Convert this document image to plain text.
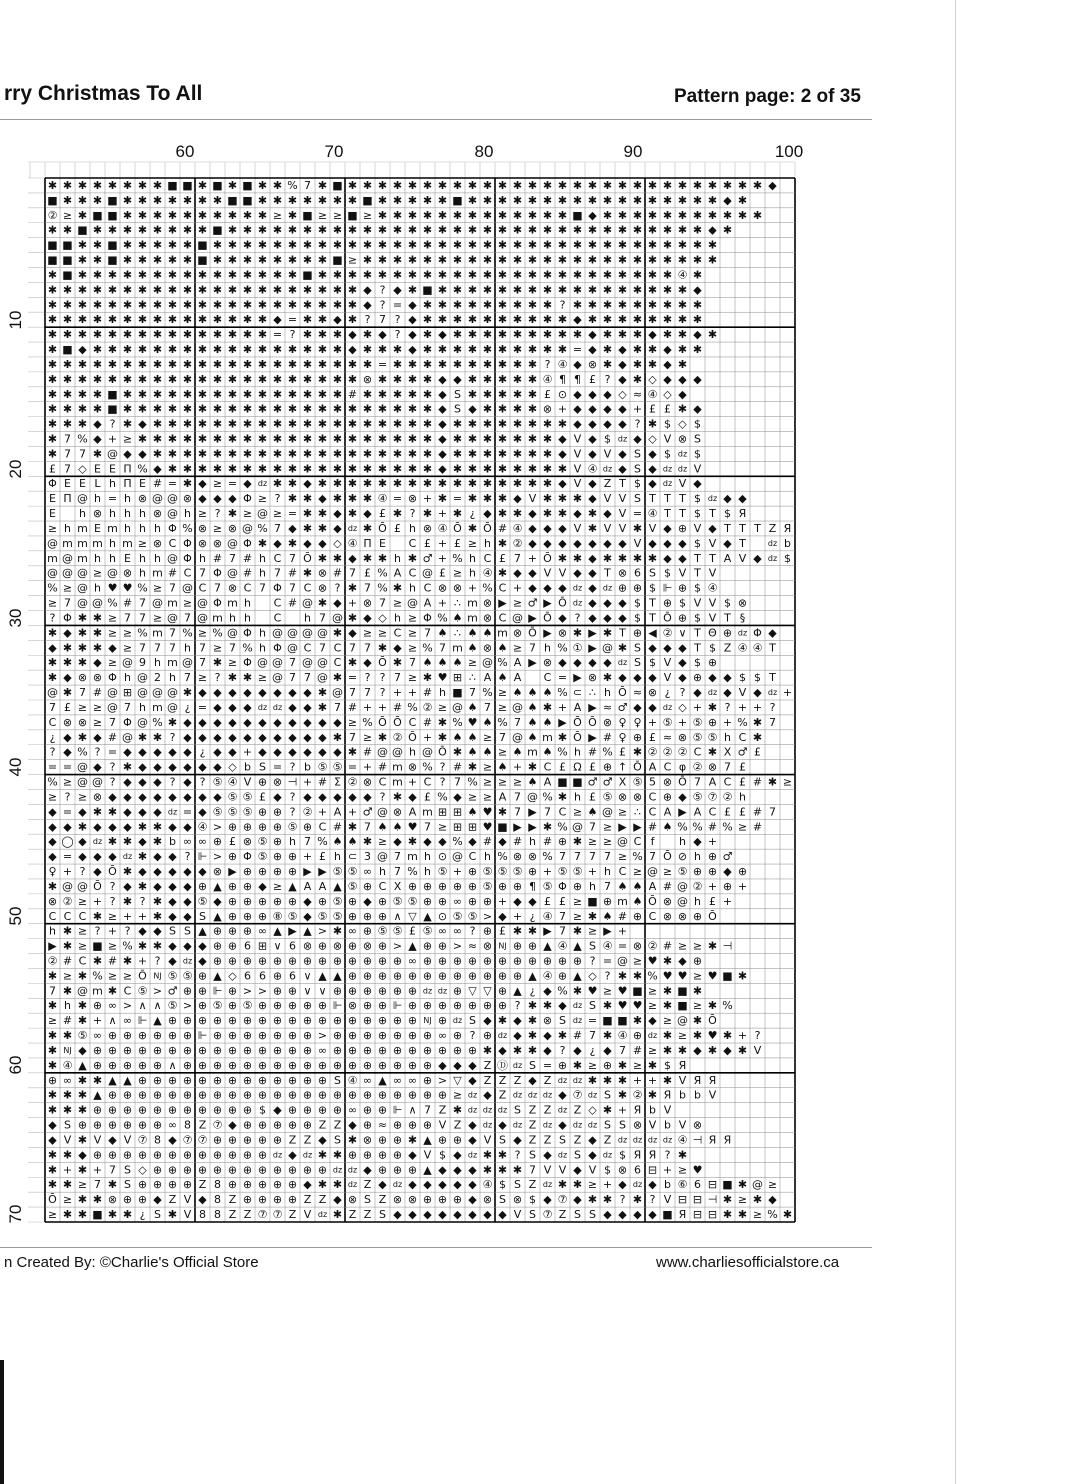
rry Christmas To All	Pattern page: 2 of 35
60	70	80	90	100
10
20
30
40
50
60
70
✱ ✱ ✱ ✱ ✱ ✱ ✱ ✱ ■ ■ ✱ ■ ✱ ■ ✱ ✱ % 7 ✱ ■ ✱ ✱ ✱ ✱ ✱ ✱ ✱ ✱ ✱ ✱ ✱ ✱ ✱ ✱ ✱ ✱ ✱ ✱ ✱ ✱ ✱ ✱ ✱ ✱ ✱ ✱ ✱ ✱ ◆
■ ✱ ✱ ✱ ■ ✱ ✱ ✱ ✱ ✱ ✱ ✱ ■ ■ ✱ ✱ ✱ ✱ ✱ ✱ ✱ ■ ✱ ✱ ✱ ✱ ✱ ■ ✱ ✱ ✱ ✱ ✱ ✱ ✱ ✱ ✱ ✱ ✱ ✱ ✱ ✱ ✱ ✱ ✱ ◆ ✱
② ≥ ✱ ■ ■ ✱ ✱ ✱ ✱ ✱ ✱ ✱ ✱ ✱ ✱ ≥ ✱ ■ ≥ ≥ ■ ≥ ✱ ✱ ✱ ✱ ✱ ✱ ✱ ✱ ✱ ✱ ✱ ✱ ✱ ■ ◆ ✱ ✱ ✱ ✱ ✱ ✱ ✱ ✱ ✱ ✱ ✱
✱ ✱ ■ ✱ ✱ ✱ ✱ ✱ ✱ ✱ ✱ ■ ✱ ✱ ✱ ✱ ✱ ✱ ✱ ✱ ✱ ✱ ✱ ✱ ✱ ✱ ✱ ✱ ✱ ✱ ✱ ✱ ✱ ✱ ✱ ✱ ✱ ✱ ✱ ✱ ✱ ✱ ✱ ✱ ◆ ✱
■ ■ ✱ ✱ ■ ✱ ✱ ✱ ✱ ✱ ■ ✱ ✱ ✱ ✱ ✱ ✱ ✱ ✱ ✱ ✱ ✱ ✱ ✱ ✱ ✱ ✱ ✱ ✱ ✱ ✱ ✱ ✱ ✱ ✱ ✱ ✱ ✱ ✱ ✱ ✱ ✱ ✱ ✱ ✱
■ ■ ✱ ✱ ■ ✱ ✱ ✱ ✱ ✱ ■ ✱ ✱ ✱ ✱ ✱ ✱ ✱ ✱ ■ ≥ ✱ ✱ ✱ ✱ ✱ ✱ ✱ ✱ ✱ ✱ ✱ ✱ ✱ ✱ ✱ ✱ ✱ ✱ ✱ ✱ ✱ ✱ ✱ ✱
✱ ■ ✱ ✱ ✱ ✱ ✱ ✱ ✱ ✱ ✱ ✱ ✱ ✱ ✱ ✱ ✱ ■ ✱ ✱ ✱ ✱ ✱ ✱ ✱ ✱ ✱ ✱ ✱ ✱ ✱ ✱ ✱ ✱ ✱ ✱ ✱ ✱ ✱ ✱ ✱ ✱ ④ ✱
✱ ✱ ✱ ✱ ✱ ✱ ✱ ✱ ✱ ✱ ✱ ✱ ✱ ✱ ✱ ✱ ✱ ✱ ✱ ✱ ✱ ◆ ? ◆ ✱ ■ ✱ ✱ ✱ ✱ ✱ ✱ ✱ ✱ ✱ ✱ ✱ ✱ ✱ ✱ ✱ ✱ ✱ ◆
✱ ✱ ✱ ✱ ✱ ✱ ✱ ✱ ✱ ✱ ✱ ✱ ✱ ✱ ✱ ✱ ✱ ✱ ✱ ✱ ✱ ◆ ? = ◆ ✱ ✱ ✱ ✱ ✱ ✱ ✱ ✱ ✱ ? ✱ ✱ ✱ ✱ ✱ ✱ ✱ ✱ ✱
✱ ✱ ✱ ✱ ✱ ✱ ✱ ✱ ✱ ✱ ✱ ✱ ✱ ✱ ✱ ◆ = ✱ ✱ ◆ ✱ ? 7 ? ◆ ✱ ✱ ✱ ✱ ✱ ✱ ✱ ✱ ✱ ✱ ◆ ✱ ✱ ✱ ✱ ✱ ✱ ✱ ✱
✱ ✱ ✱ ✱ ✱ ✱ ✱ ✱ ✱ ✱ ✱ ✱ ✱ ✱ ✱ = ? ✱ ✱ ✱ ◆ ✱ ◆ ? ◆ ✱ ◆ ✱ ✱ ✱ ✱ ✱ ✱ ✱ ✱ ✱ ◆ ✱ ✱ ✱ ◆ ✱ ✱ ◆ ✱
✱ ■ ◆ ✱ ✱ ✱ ✱ ✱ ✱ ✱ ✱ ✱ ✱ ✱ ✱ ✱ ✱ ✱ ✱ ✱ ◆ ✱ ✱ ✱ ◆ ✱ ✱ ✱ ✱ ✱ ✱ ✱ ✱ ✱ ✱ = ◆ ✱ ◆ ✱ ✱ ◆ ✱ ✱
✱ ✱ ✱ ✱ ✱ ✱ ✱ ✱ ✱ ✱ ✱ ✱ ✱ ✱ ✱ ✱ ✱ ✱ ✱ ✱ ✱ ✱ = ✱ ✱ ✱ ✱ ✱ ✱ ✱ ✱ ✱ ✱ ? ④ ◆ ⊗ ✱ ◆ ✱ ✱ ◆ ✱
✱ ✱ ✱ ✱ ✱ ✱ ✱ ✱ ✱ ✱ ✱ ✱ ✱ ✱ ✱ ✱ ✱ ✱ ✱ ✱ ✱ ⊗ ✱ ✱ ✱ ✱ ◆ ◆ ✱ ✱ ✱ ✱ ✱ ④ ¶ ¶ £ ? ◆ ✱ ◇ ◆ ◆ ◆
✱ ✱ ✱ ✱ ■ ✱ ✱ ✱ ✱ ✱ ✱ ✱ ✱ ✱ ✱ ✱ ✱ ✱ ✱ ✱ # ✱ ✱ ✱ ✱ ✱ ◆ S ✱ ✱ ✱ ✱ ✱ £ ⊙ ◆ ◆ ◆ ◇ ≈ ④ ◇ ◆
✱ ✱ ✱ ✱ ■ ✱ ✱ ✱ ✱ ✱ ✱ ✱ ✱ ✱ ✱ ✱ ✱ ✱ ✱ ✱ ✱ ✱ ✱ ✱ ✱ ✱ ◆ S ◆ ✱ ✱ ✱ ✱ ⊗ + ◆ ◆ ◆ ◆ + £ £ ✱ ◆
✱ ✱ ✱ ◆ ? ✱ ◆ ✱ ✱ ✱ ✱ ✱ ✱ ✱ ✱ ✱ ✱ ✱ ✱ ✱ ✱ ✱ ✱ ✱ ✱ ✱ ◆ ✱ ✱ ✱ ✱ ✱ ✱ ✱ ✱ ◆ ◆ ◆ ◆ ? ✱ $ ◇ $
✱ 7 % ◆ + ≥ ✱ ✱ ✱ ✱ ✱ ✱ ✱ ✱ ✱ ✱ ✱ ✱ ✱ ✱ ✱ ✱ ✱ ✱ ✱ ✱ ◆ ✱ ✱ ✱ ✱ ✱ ✱ ✱ ◆ V ◆ $ dz ◆ ◇ V ⊗ S
✱ 7 7 ✱ @ ◆ ◆ ✱ ✱ ✱ ✱ ✱ ✱ ✱ ✱ ✱ ✱ ✱ ✱ ✱ ✱ ✱ ✱ ✱ ✱ ✱ ◆ ✱ ✱ ✱ ✱ ✱ ✱ ✱ ◆ V ◆ V ◆ S ◆ $ dz $
£ 7 ◇ E E Π % ◆ ✱ ✱ ✱ ✱ ✱ ✱ ✱ ✱ ✱ ✱ ✱ ✱ ✱ ✱ ✱ ✱ ✱ ✱ ◆ ✱ ✱ ✱ ✱ ✱ ✱ ✱ ✱ V ④ dz ◆ S ◆ dz dz V
Φ E E L h Π E # = ✱ ◆ ≥ = ◆ dz ✱ ✱ ◆ ✱ ✱ ✱ ✱ ✱ ✱ ✱ ✱ ✱ ✱ ✱ ✱ ✱ ✱ ✱ ✱ ◆ V ◆ Z T $ ◆ dz V ◆
E Π @ h = h ⊗ @ @ ⊗ ◆ ◆ ◆ Φ ≥ ? ✱ ✱ ◆ ✱ ✱ ✱ ④ = ⊗ + ✱ = ✱ ✱ ✱ ◆ V ✱ ✱ ✱ ◆ V V S T T T $ dz ◆ ◆
E h ⊗ h h h ⊗ @ h ≥ ? ✱ ≥ @ ≥ = ✱ ✱ ◆ ✱ ◆ £ ✱ ? ✱ + ✱ ¿ ◆ ✱ ✱ ◆ ✱ ✱ ◆ ✱ ◆ V = ④ T T $ T $ Я
≥ h m E m h h h Φ % ⊗ ≥ ⊗ @ % 7 ◆ ✱ ✱ ◆ dz ✱ Ō £ h ⊗ ④ Ō ✱ Ō # ④ ◆ ◆ ◆ V ✱ V V ✱ V ◆ ⊕ V ◆ T T T Z Я
@ m m m h m ≥ ⊗ C Φ ⊗ ⊗ @ Φ ✱ ◆ ✱ ◆ ◆ ◇ ④ Π E C £ + £ ≥ h ✱ ② ◆ ◆ ◆ ◆ ◆ ◆ ◆ V ◆ ◆ ◆ $ V ◆ T	dz b
m @ m h h E h h @ Φ h # 7 # h C 7 Ō ✱ ✱ ◆ ✱ ✱ h ✱ ♂ + % h C £ 7 + Ō ✱ ✱ ◆ ✱ ✱ ✱ ✱ ◆ ◆ T T A V ◆ dz $
@ @ @ ≥ @ ⊗ h m # C 7 Φ @ # h 7 # ✱ ⊗ # 7 £ % A C @ £ ≥ h ④ ✱ ◆ ◆ V V ◆ ◆ T ⊗ 6 S $ V T V
% ≥ @ h ♥ ♥ % ≥ 7 @ C 7 ⊗ C 7 Φ 7 C ⊗ ? ✱ 7 % ✱ h C ⊗ ⊗ + % C + ◆ ◆ ◆ dz ◆ dz ⊕ ⊕ $ ⊩ ⊕ $ ④
≥ 7 @ @ % # 7 @ m ≥ @ Φ m h C # @ ✱ ◆ + ⊗ 7 ≥ @ A + ∴ m ⊗ ▶ ≥ ♂ ▶ Ō dz ◆ ◆ ◆ $ T ⊕ $ V V $ ⊗
? Φ ✱ ✱ ≥ 7 7 ≥ @ 7 @ m h h C h 7 @ ✱ ◆ ◇ h ≥ Φ % ♠ m ⊗ C @ ▶ Ō ◆ ? ◆ ◆ ◆ $ T Ō ⊕ $ V T §
✱ ◆ ✱ ✱ ≥ ≥ % m 7 % ≥ % @ Φ h @ @ @ @ ✱ ◆ ≥ ≥ C ≥ 7 ♠ ∴ ♠ ♠ m ⊗ Ō ▶ ⊗ ✱ ▶ ✱ T ⊕ ◀ ② ∨ T Θ ⊕ dz Φ ◆
◆ ✱ ✱ ✱ ◆ ≥ 7 7 7 h 7 ≥ 7 % h Φ @ C 7 C 7 7 ✱ ◆ ≥ % 7 m ♠ ⊗ ♠ ≥ 7 h % ① ▶ @ ✱ S ◆ ◆ ◆ T $ Z ④ ④ T
✱ ✱ ✱ ◆ ≥ @ 9 h m @ 7 ✱ ≥ Φ @ @ 7 @ @ C ✱ ◆ Ō ✱ 7 ♠ ♠ ♠ ≥ @ % A ▶ ⊗ ◆ ◆ ◆ ◆ dz S $ V ◆ $ ⊕
✱ ◆ ⊗ ⊗ Φ h @ 2 h 7 ≥ ? ✱ ✱ ≥ @ 7 7 @ ✱ = ? ? 7 ≥ ✱ ♥ ⊞ ∴ A ♠ A C = ▶ ⊗ ✱ ◆ ◆ ◆ V ◆ ⊕ ◆ ◆ $ $ T
@ ✱ 7 # @ ⊞ @ @ @ ✱ ◆ ◆ ◆ ◆ ◆ ◆ ◆ ◆ ✱ @ 7 7 ? + + # h ■ 7 % ≥ ♠ ♠ ♠ % ⊂ ∴ h Ō ≈ ⊗ ¿ ? ◆ dz ◆ V ◆ dz +
7 £ ≥ ≥ @ 7 h m @ ¿ = ◆ ◆ ◆ dz dz ◆ ◆ ✱ 7 # + + # % ② ≥ @ ♠ 7 ≥ @ ♠ ✱ + A ▶ ≈ ♂ ◆ ◆ dz ◇ + ✱ ? + + ?
C ⊗ ⊗ ≥ 7 Φ @ % ✱ ◆ ◆ ◆ ◆ ◆ ◆ ◆ ◆ ◆ ◆ ◆ ≥ % Ō Ō C # ✱ % ♥ ♠ % 7 ♠ ♠ ▶ Ō Ō ⊗ ♀ ♀ + ⑤ + ⑤ ⊕ + % ✱ 7
¿ ◆ ✱ ◆ # @ ✱ ✱ ? ◆ ◆ ◆ ◆ ◆ ◆ ◆ ◆ ◆ ◆ ✱ 7 ≥ ✱ ② Ō + ✱ ♠ ♠ ≥ 7 @ ♠ m ✱ Ō ▶ # ♀ ⊕ £ ≈ ⊗ ⑤ ⑤ h C ✱
? ◆ % ? = ◆ ◆ ◆ ◆ ◆ ¿ ◆ ◆ + ◆ ◆ ◆ ◆ ◆ ◆ ✱ # @ @ h @ Ō ✱ ♠ ♠ ≥ ♠ m ♠ % h # % £ ✱ ② ② ② C ✱ X ♂ £
= = @ ◆ ? ✱ ◆ ◆ ◆ ◆ ◆ ◆ ◇ b S = ? b ⑤ ⑤ = + # m ⊗ % ? # ✱ ≥ ♠ + ✱ C £ Ω £ ⊕ ↑ Ō A C φ ② ⊗ 7 £
% ≥ @ @ ? ◆ ◆ ◆ ? ◆ ? ⑤ ④ V ⊕ ⊗ ⊣ + # Σ ② ⊗ C m + C ? 7 % ≥ ≥ ≥ ♠ A ■ ■ ♂ ♂ X ⑤ 5 ⊗ Ō 7 A C £ # ✱ ≥
≥ ? ≥ ⊗ ◆ ◆ ◆ ◆ ◆ ◆ ◆ ◆ ⑤ ⑤ £ ◆ ? ◆ ◆ ◆ ◆ ◆ ? ✱ ◆ £ % ◆ ≥ ≥ A 7 @ % ✱ h £ ⑤ ⊗ ⊗ C ⊕ ◆ ⑤ ⑦ ② h
◆ = ◆ ✱ ✱ ◆ ◆ ◆ dz = ◆ ⑤ ⑤ ⑤ ⊕ ⊕ ? ② + A + ♂ @ ⊗ A m ⊞ ⊞ ♠ ♥ ✱ 7 ▶ 7 C ≥ ♠ @ ≥ ∴ C A ▶ A C £ £ # 7
◆ ◆ ✱ ◆ ◆ ◆ ✱ ✱ ◆ ◆ ④ > ⊕ ⊕ ⊕ ⊕ ⑤ ⊕ C # ✱ 7 ♠ ♠ ♥ 7 ≥ ⊞ ⊞ ♥ ■ ▶ ▶ ✱ % @ 7 ≥ ▶ ▶ # ♠ % % # % ≥ #
◆ ◯ ◆ dz ✱ ✱ ◆ ✱ b ∞ ∞ ⊕ £ ⊗ ⑤ ⊕ h 7 % ♠ ♠ ✱ ≥ ◆ ✱ ◆ ◆ % ◆ # ◆ # h # ⊕ ✱ ≥ ≥ @ C f h ◆ +
◆ = ◆ ◆ ◆ dz ✱ ◆ ◆ ? ⊩ > ⊕ Φ ⑤ ⊕ ⊕ + £ h ⊂ 3 @ 7 m h ⊙ @ C h % ⊗ ⊗ % 7 7 7 7 ≥ % 7 Ō ⊘ h ⊕ ♂
♀ + ? ◆ Ō ✱ ◆ ◆ ◆ ◆ ◆ ⊗ ▶ ⊕ ⊕ ⊕ ⊕ ▶ ▶ ⑤ ⑤ ∞ h 7 % h ⑤ + ⊕ ⑤ ⑤ ⑤ ⊕ + ⑤ ⑤ + h C ≥ @ ≥ ⑤ ⊕ ⊕ ◆ ⊕
✱ @ @ Ō ? ◆ ✱ ◆ ◆ ◆ ⊕ ▲ ⊕ ⊕ ◆ ≥ ▲ A A ▲ ⑤ ⊕ C X ⊕ ⊕ ⊕ ⊕ ⊕ ⑤ ⊕ ⊕ ¶ ⑤ Φ ⊕ h 7 ♠ ♠ A # @ ② + ⊕ +
⊗ ② ≥ + ? ✱ ? ✱ ◆ ◆ ⑤ ◆ ⊕ ⊕ ⊕ ⊕ ⊕ ◆ ⊕ ⑤ ⊕ ◆ ⊕ ⑤ ⑤ ⊕ ⊕ ∞ ⊕ ⊕ + ◆ ◆ £ £ ≥ ■ ⊕ m ♠ Ō ⊗ @ h £ +
C C C ✱ ≥ + + ✱ ◆ ◆ S ▲ ⊕ ⊕ ⊕ ⑧ ⑤ ◆ ⑤ ⑤ ⊕ ⊕ ⊕ ∧ ▽ ▲ ⊙ ⑤ ⑤ > ◆ + ¿ ④ 7 ≥ ✱ ♠ # ⊕ C ⊗ ⊗ ⊕ Ō
h ✱ ≥ ? + ? ◆ ◆ S S ▲ ⊕ ⊕ ⊕ ∞ ▲ ▶ ▲ > ✱ ∞ ⊕ ⑤ ⑤ £ ⑤ ∞ ∞ ? ⊕ £ ✱ ✱ ▶ 7 ✱ ≥ ▶ +
▶ ✱ ≥ ■ ≥ % ✱ ✱ ◆ ◆ ◆ ⊕ ⊕ 6 ⊞ ∨ 6 ⊗ ⊕ ⊗ ⊕ ⊗ ⊕ > ▲ ⊕ ⊕ > ≈ ⊗ NJ ⊕ ⊕ ▲ ④ ▲ S ④ = ⊗ ② # ≥ ≥ ✱ ⊣
② # C ✱ # ✱ + ? ◆ dz ◆ ⊕ ⊕ ⊕ ⊕ ⊕ ⊕ ⊕ ⊕ ⊕ ⊕ ⊕ ⊕ ⊕ ∞ ⊕ ⊕ ⊕ ⊕ ⊕ ⊕ ⊕ ⊕ ⊕ ⊕ ⊕ ? = @ ≥ ♥ ✱ ◆ ⊕
✱ ≥ ✱ % ≥ ≥ Ō NJ ⑤ ⑤ ⊕ ▲ ◇ 6 6 ⊕ 6 ∨ ▲ ▲ ⊕ ⊕ ⊕ ⊕ ⊕ ⊕ ⊕ ⊕ ⊕ ⊕ ⊕ ⊕ ▲ ④ ⊕ ▲ ◇ ? ✱ ✱ % ♥ ♥ ≥ ♥ ■ ✱
7 ✱ @ m ✱ C ⑤ > ♂ ⊕ ⊕ ⊩ ⊕ > > ⊕ ⊕ ∨ ∨ ⊕ ⊕ ⊕ ⊕ ⊕ ⊕ dz dz ⊕ ▽ ▽ ⊕ ▲ ¿ ◆ % ✱ ♥ ≥ ♥ ■ ≥ ✱ ■ ✱
✱ h ✱ ⊕ ∞ > ∧ ∧ ⑤ > ⊕ ⑤ ⊕ ⑤ ⊕ ⊕ ⊕ ⊕ ⊕ ⊩ ⊗ ⊕ ⊕ ⊩ ⊕ ⊕ ⊕ ⊕ ⊕ ⊕ ⊕ ? ✱ ✱ ◆ dz S ✱ ♥ ♥ ≥ ✱ ■ ≥ ✱ %
≥ # ✱ + ∧ ∞ ⊩ ▲ ⊕ ⊕ ⊕ ⊕ ⊕ ⊕ ⊕ ⊕ ⊕ ⊕ ⊕ ⊕ ⊕ ⊕ ⊕ ⊕ ⊕ NJ ⊕ dz S ◆ ✱ ◆ ✱ ⊗ S dz = ■ ■ ✱ ◆ ≥ @ ✱ Ō
✱ ✱ ⑤ ∞ ⊕ ⊕ ⊕ ⊕ ⊕ ⊕ ⊩ ⊕ ⊕ ⊕ ⊕ ⊕ ⊕ ⊕ > ⊕ ⊕ ⊕ ⊕ ⊕ ⊕ ⊕ ∞ ⊕ ? ⊕ dz ◆ ✱ ◆ ✱ # 7 ✱ ④ ⊕ dz ✱ ≥ ✱ ♥ ✱ + ?
✱ NJ ◆ ⊕ ⊕ ⊕ ⊕ ⊕ ⊕ ⊕ ⊕ ⊕ ⊕ ⊕ ⊕ ⊕ ⊕ ⊕ ∞ ⊕ ⊕ ⊕ ⊕ ⊕ ⊕ ⊕ ⊕ ⊕ ⊕ ✱ ◆ ✱ ✱ ◆ ? ◆ ¿ ◆ 7 # ≥ ✱ ✱ ◆ ✱ ◆ ✱ V
✱ ④ ▲ ⊕ ⊕ ⊕ ⊕ ⊕ ∧ ⊕ ⊕ ⊕ ⊕ ⊕ ⊕ ⊕ ⊕ ⊕ ⊕ ⊕ ⊕ ⊕ ⊕ ⊕ ⊕ ⊕ ◆ ◆ ◆ Z Ⓓ dz S = ⊕ ✱ ≥ ⊕ ✱ ≥ ✱ $ Я
⊕ ∞ ✱ ✱ ▲ ▲ ⊕ ⊕ ⊕ ⊕ ⊕ ⊕ ⊕ ⊕ ⊕ ⊕ ⊕ ⊕ ⊕ S ④ ∞ ▲ ∞ ∞ ⊕ > ▽ ◆ Z Z Z ◆ Z dz dz ✱ ✱ ✱ + + ✱ V Я Я
✱ ✱ ✱ ▲ ⊕ ⊕ ⊕ ⊕ ⊕ ⊕ ⊕ ⊕ ⊕ ⊕ ⊕ ⊕ ⊕ ⊕ ⊕ ⊕ ⊕ ⊕ ⊕ ⊕ ⊕ ⊕ ⊕ ≥ dz ◆ Z dz dz dz ◆ ⑦ dz S ✱ ② ✱ Я b b V
✱ ✱ ✱ ⊕ ⊕ ⊕ ⊕ ⊕ ⊕ ⊕ ⊕ ⊕ ⊕ ⊕ $ ◆ ⊕ ⊕ ⊕ ⊕ ∞ ⊕ ⊕ ⊩ ∧ 7 Z ✱ dz dz dz S Z Z dz Z ◇ ✱ + Я b V
◆ S ⊕ ⊕ ⊕ ⊕ ⊕ ⊕ ∞ 8 Z ⑦ ◆ ⊕ ⊕ ⊕ ⊕ ⊕ Z Z ◆ ⊕ ≈ ⊕ ⊕ ⊕ V Z ◆ dz ◆ dz Z dz ◆ dz dz S S ⊗ V b V ⊗
◆ V ✱ V ◆ V ⑦ 8 ◆ ⑦ ⑦ ⊕ ⊕ ⊕ ⊕ ⊕ Z Z ◆ S ✱ ⊗ ⊕ ⊕ ✱ ▲ ⊕ ⊕ ◆ V S ◆ Z Z S Z ◆ Z dz dz dz dz ④ ⊣ Я Я
✱ ✱ ◆ ⊕ ⊕ ⊕ ⊕ ⊕ ⊕ ⊕ ⊕ ⊕ ⊕ ⊕ ⊕ dz ◆ dz ✱ ✱ ⊕ ⊕ ⊕ ⊕ ◆ V $ ◆ dz ✱ ✱ ? S ◆ dz S ◆ dz $ Я Я ? ✱
✱ + ✱ + 7 S ◇ ⊕ ⊕ ⊕ ⊕ ⊕ ⊕ ⊕ ⊕ ⊕ ⊕ ⊕ ⊕ dz dz ◆ ⊕ ⊕ ⊕ ▲ ◆ ◆ ◆ ✱ ✱ ✱ 7 V V ◆ V $ ⊗ 6 ⊟ + ≥ ♥
✱ ✱ ≥ 7 ✱ S ⊕ ⊕ ⊕ ⊕ Z 8 ⊕ ⊕ ⊕ ⊕ ⊕ ◆ ✱ ✱ dz Z ◆ dz ◆ ◆ ◆ ◆ ◆ ④ $ S Z dz ✱ ✱ ≥ + ◆ dz ◆ b ⑥ 6 ⊟ ■ ✱ @ ≥
Ō ≥ ✱ ✱ ⊗ ⊕ ⊕ ◆ Z V ◆ 8 Z ⊕ ⊕ ⊕ ⊕ Z Z ◆ ⊗ S Z ⊗ ⊗ ⊕ ⊕ ⊕ ◆ ⊗ S ⊗ $ ◆ ⑦ ◆ ✱ ✱ ? ✱ ? V ⊟ ⊟ ⊣ ✱ ≥ ✱ ◆
≥ ✱ ✱ ■ ✱ ✱ ¿ S ✱ V 8 8 Z Z ⑦ ⑦ Z V dz ✱ Z Z S ◆ ◆ ◆ ◆ ◆ ◆ ◆ ◆ V S ⑦ Z S S ◆ ◆ ◆ ◆ ■ Я ⊟ ⊟ ✱ ✱ ≥ % ✱
n Created By: ©Charlie's Official Store	www.charliesofficialstore.ca
